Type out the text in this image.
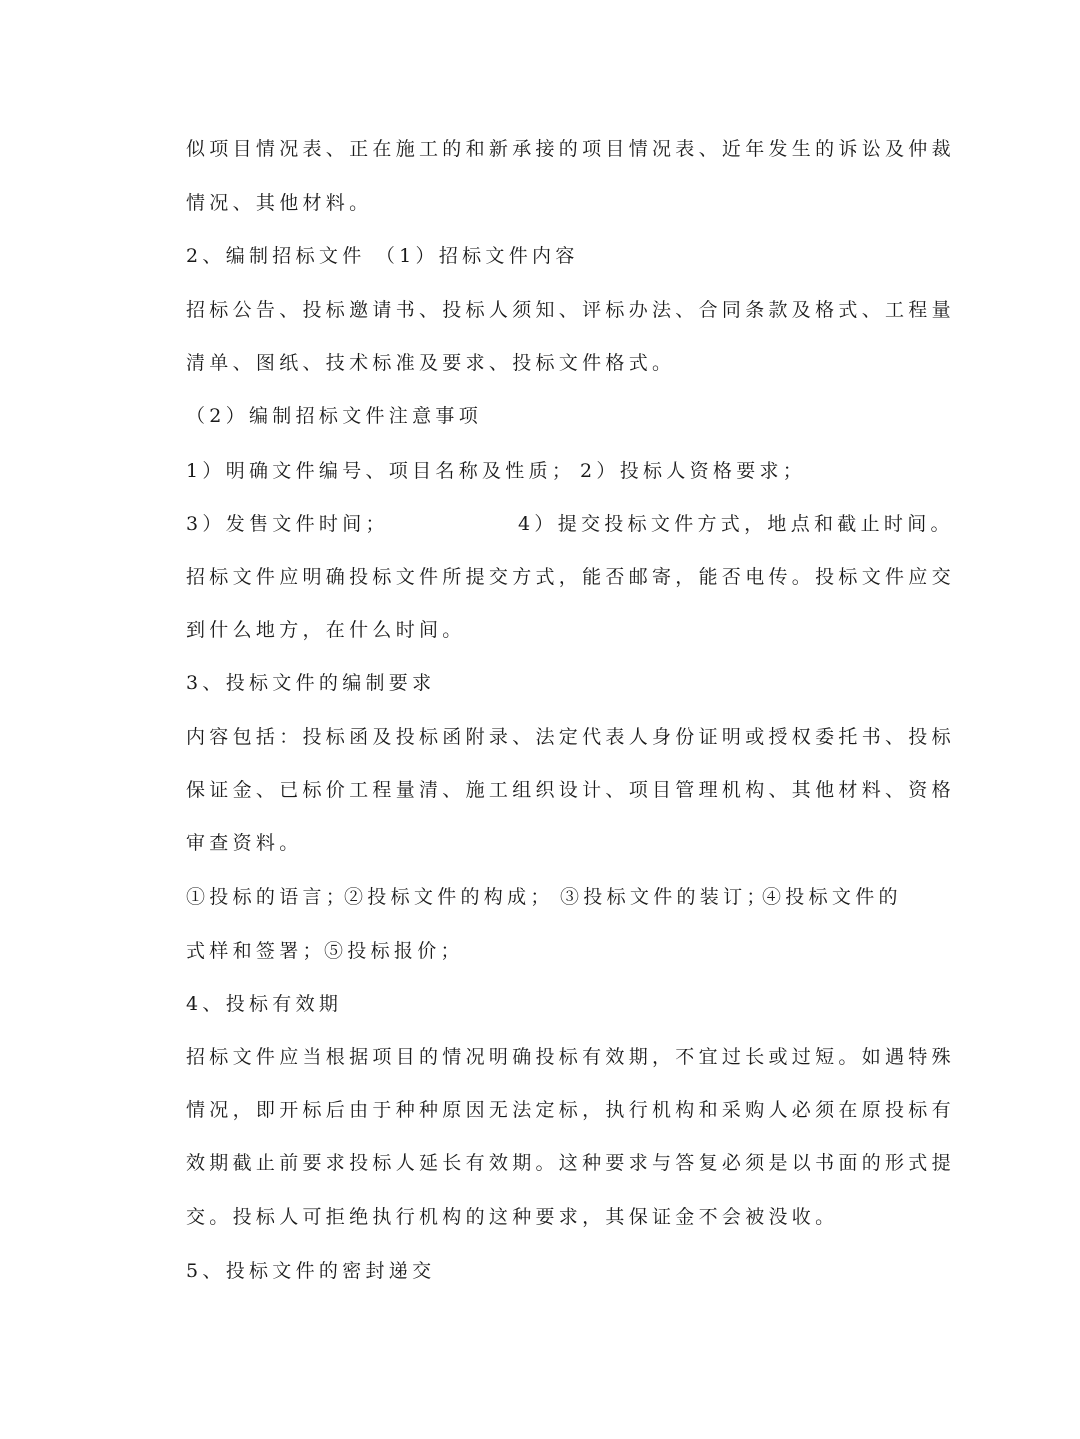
似项目情况表、正在施工的和新承接的项目情况表、近年发生的诉讼及仲裁
情况、其他材料。
2、编制招标文件 （1）招标文件内容
招标公告、投标邀请书、投标人须知、评标办法、合同条款及格式、工程量
清单、图纸、技术标准及要求、投标文件格式。
（2）编制招标文件注意事项
1）明确文件编号、项目名称及性质； 2）投标人资格要求；
3）发售文件时间；	4）提交投标文件方式，地点和截止时间。
招标文件应明确投标文件所提交方式，能否邮寄，能否电传。投标文件应交
到什么地方，在什么时间。
3、投标文件的编制要求
内容包括：投标函及投标函附录、法定代表人身份证明或授权委托书、投标
保证金、已标价工程量清、施工组织设计、项目管理机构、其他材料、资格
审查资料。
①投标的语言；
②投标文件的构成； ③投标文件的装订；
④投标文件的
式样和签署；
⑤投标报价；
4、投标有效期
招标文件应当根据项目的情况明确投标有效期，不宜过长或过短。如遇特殊
情况，即开标后由于种种原因无法定标，执行机构和采购人必须在原投标有
效期截止前要求投标人延长有效期。这种要求与答复必须是以书面的形式提
交。投标人可拒绝执行机构的这种要求，其保证金不会被没收。
5、投标文件的密封递交
